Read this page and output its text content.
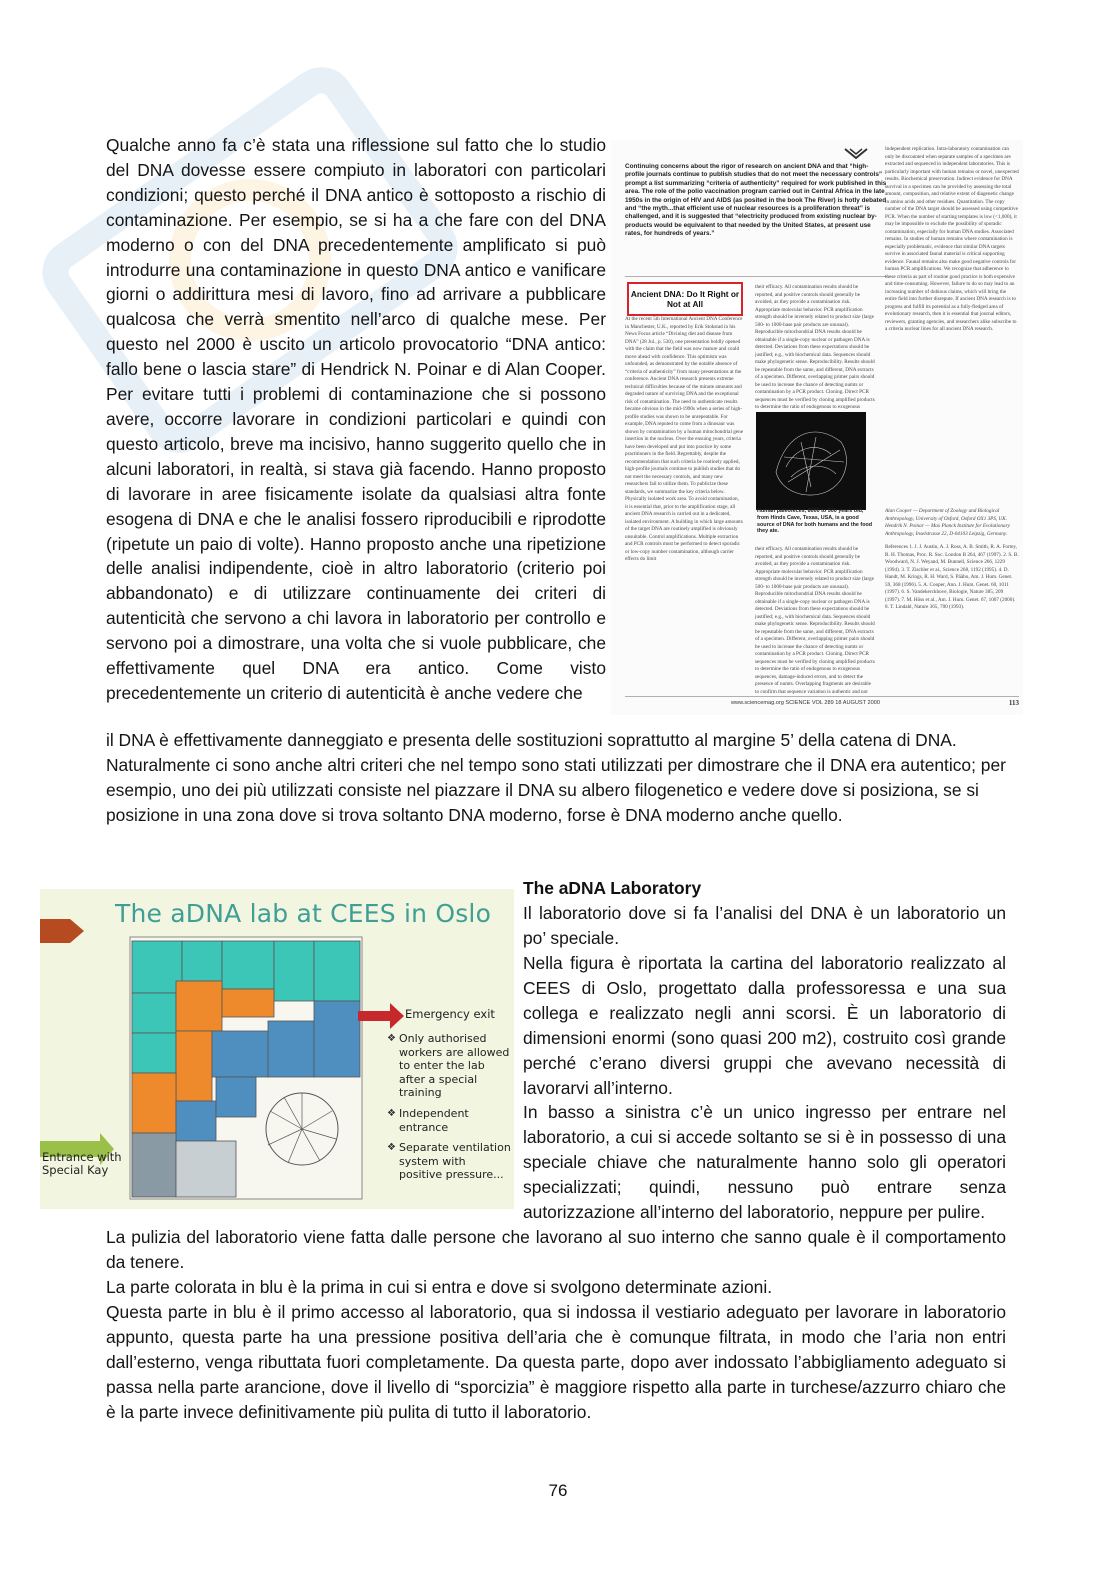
Qualche anno fa c’è stata una riflessione sul fatto che lo studio del DNA dovesse essere compiuto in laboratori con particolari condizioni; questo perché il DNA antico è sottoposto a rischio di contaminazione. Per esempio, se si ha a che fare con del DNA moderno o con del DNA precedentemente amplificato si può introdurre una contaminazione in questo DNA antico e vanificare giorni o addirittura mesi di lavoro, fino ad arrivare a pubblicare qualcosa che verrà smentito nell’arco di qualche mese. Per questo nel 2000 è uscito un articolo provocatorio “DNA antico: fallo bene o lascia stare” di Hendrick N. Poinar e di Alan Cooper. Per evitare tutti i problemi di contaminazione che si possono avere, occorre lavorare in condizioni particolari e quindi con questo articolo, breve ma incisivo, hanno suggerito quello che in alcuni laboratori, in realtà, si stava già facendo. Hanno proposto di lavorare in aree fisicamente isolate da qualsiasi altra fonte esogena di DNA e che le analisi fossero riproducibili e riprodotte (ripetute un paio di volte). Hanno proposto anche una ripetizione delle analisi indipendente, cioè in altro laboratorio (criterio poi abbandonato) e di utilizzare continuamente dei criteri di autenticità che servono a chi lavora in laboratorio per controllo e servono poi a dimostrare, una volta che si vuole pubblicare, che effettivamente quel DNA era antico. Come visto precedentemente un criterio di autenticità è anche vedere che

il DNA è effettivamente danneggiato e presenta delle sostituzioni soprattutto al margine 5’ della catena di DNA. Naturalmente ci sono anche altri criteri che nel tempo sono stati utilizzati per dimostrare che il DNA era autentico; per esempio, uno dei più utilizzati consiste nel piazzare il DNA su albero filogenetico e vedere dove si posiziona, se si posizione in una zona dove si trova soltanto DNA moderno, forse è DNA moderno anche quello.

Continuing concerns about the rigor of research on ancient DNA and that “high-profile journals continue to publish studies that do not meet the necessary controls” prompt a list summarizing “criteria of authenticity” required for work published in this area. The role of the polio vaccination program carried out in Central Africa in the late 1950s in the origin of HIV and AIDS (as posited in the book The River) is hotly debated and “the myth...that efficient use of nuclear resources is a proliferation threat” is challenged, and it is suggested that “electricity produced from existing nuclear by-products would be equivalent to that needed by the United States, at present use rates, for hundreds of years.”
Ancient DNA: Do It Right or Not at All
At the recent 5th International Ancient DNA Conference in Manchester, U.K., reported by Erik Stokstad in his News Focus article “Divining diet and disease from DNA” (28 Jul., p. 530), one presentation boldly opened with the claim that the field was now mature and could move ahead with confidence. This optimism was unfounded, as demonstrated by the notable absence of “criteria of authenticity” from many presentations at the conference. Ancient DNA research presents extreme technical difficulties because of the minute amounts and degraded nature of surviving DNA and the exceptional risk of contamination. The need to authenticate results became obvious in the mid-1990s when a series of high-profile studies was shown to be unrepeatable. For example, DNA reputed to come from a dinosaur was shown by contamination by a human mitochondrial gene insertion in the nucleus. Over the ensuing years, criteria have been developed and put into practice by some practitioners in the field. Regrettably, despite the recommendation that such criteria be routinely applied, high-profile journals continue to publish studies that do not meet the necessary controls, and many new researchers fail to utilize them. To publicize these standards, we summarize the key criteria below. Physically isolated work area. To avoid contamination, it is essential that, prior to the amplification stage, all ancient DNA research is carried out in a dedicated, isolated environment. A building in which large amounts of the target DNA are routinely amplified is obviously unsuitable. Control amplifications. Multiple extraction and PCR controls must be performed to detect sporadic or low-copy number contamination, although carrier effects do limit
their efficacy. All contamination results should be reported, and positive controls should generally be avoided, as they provide a contamination risk. Appropriate molecular behavior. PCR amplification strength should be inversely related to product size (large 500- to 1000-base pair products are unusual). Reproducible mitochondrial DNA results should be obtainable if a single-copy nuclear or pathogen DNA is detected. Deviations from these expectations should be justified; e.g., with biochemical data. Sequences should make phylogenetic sense. Reproducibility. Results should be repeatable from the same, and different, DNA extracts of a specimen. Different, overlapping primer pairs should be used to increase the chance of detecting numts or contamination by a PCR product. Cloning. Direct PCR sequences must be verified by cloning amplified products to determine the ratio of endogenous to exogenous
Human paleofeces, 8000 to 500 years old, from Hinds Cave, Texas, USA, is a good source of DNA for both humans and the food they ate.
their efficacy. All contamination results should be reported, and positive controls should generally be avoided, as they provide a contamination risk. Appropriate molecular behavior. PCR amplification strength should be inversely related to product size (large 500- to 1000-base pair products are unusual). Reproducible mitochondrial DNA results should be obtainable if a single-copy nuclear or pathogen DNA is detected. Deviations from these expectations should be justified; e.g., with biochemical data. Sequences should make phylogenetic sense. Reproducibility. Results should be repeatable from the same, and different, DNA extracts of a specimen. Different, overlapping primer pairs should be used to increase the chance of detecting numts or contamination by a PCR product. Cloning. Direct PCR sequences must be verified by cloning amplified products to determine the ratio of endogenous to exogenous sequences, damage-induced errors, and to detect the presence of numts. Overlapping fragments are desirable to confirm that sequence variation is authentic and not
Independent replication. Intra-laboratory contamination can only be discounted when separate samples of a specimen are extracted and sequenced in independent laboratories. This is particularly important with human remains or novel, unexpected results. Biochemical preservation. Indirect evidence for DNA survival in a specimen can be provided by assessing the total amount, composition, and relative extent of diagenetic change in amino acids and other residues. Quantitation. The copy number of the DNA target should be assessed using competitive PCR. When the number of starting templates is low (<1,000), it may be impossible to exclude the possibility of sporadic contamination, especially for human DNA studies. Associated remains. In studies of human remains where contamination is especially problematic, evidence that similar DNA targets survive in associated faunal material is critical supporting evidence. Faunal remains also make good negative controls for human PCR amplifications. We recognize that adherence to these criteria as part of routine good practice is both expensive and time-consuming. However, failure to do so may lead to an increasing number of dubious claims, which will bring the entire field into further disrepute. If ancient DNA research is to progress and fulfill its potential as a fully-fledged area of evolutionary research, then it is essential that journal editors, reviewers, granting agencies, and researchers alike subscribe to a criteria nuclear lines for all ancient DNA research.
Alan Cooper — Department of Zoology and Biological Anthropology, University of Oxford, Oxford OX1 3PS, UK. Hendrik N. Poinar — Max Planck Institute for Evolutionary Anthropology, Inselstrasse 22, D-04103 Leipzig, Germany.
References 1. J. J. Austin, A. J. Ross, A. B. Smith, R. A. Fortey, R. H. Thomas, Proc. R. Soc. London B 264, 467 (1997). 2. S. B. Woodward, N. J. Weyand, M. Bunnell, Science 266, 1229 (1994). 3. T. Zischler et al., Science 268, 1192 (1995). 4. D. Handt, M. Krings, R. H. Ward, S. Pääbo, Am. J. Hum. Genet. 59, 368 (1996). 5. A. Cooper, Ann. J. Hum. Genet. 60, 1011 (1997). 6. S. Vandekerckhove, Biologie, Nature 385, 209 (1997). 7. M. Höss et al., Am. J. Hum. Genet. 67, 1007 (2000). 8. T. Lindahl, Nature 365, 700 (1993).
www.sciencemag.org SCIENCE VOL 289 18 AUGUST 2000	113
The aDNA lab at CEES in Oslo
Emergency exit
❖ Only authorised workers are allowed to enter the lab after a special training
❖ Independent entrance
❖ Separate ventilation system with positive pressure...
Entrance with Special Kay

The aDNA Laboratory

Il laboratorio dove si fa l’analisi del DNA è un laboratorio un po’ speciale.

Nella figura è riportata la cartina del laboratorio realizzato al CEES di Oslo, progettato dalla professoressa e una sua collega e realizzato negli anni scorsi. È un laboratorio di dimensioni enormi (sono quasi 200 m2), costruito così grande perché c’erano diversi gruppi che avevano necessità di lavorarvi all’interno.

In basso a sinistra c’è un unico ingresso per entrare nel laboratorio, a cui si accede soltanto se si è in possesso di una speciale chiave che naturalmente hanno solo gli operatori specializzati; quindi, nessuno può entrare senza autorizzazione all’interno del laboratorio, neppure per pulire.

La pulizia del laboratorio viene fatta dalle persone che lavorano al suo interno che sanno quale è il comportamento da tenere.

La parte colorata in blu è la prima in cui si entra e dove si svolgono determinate azioni.

Questa parte in blu è il primo accesso al laboratorio, qua si indossa il vestiario adeguato per lavorare in laboratorio appunto, questa parte ha una pressione positiva dell’aria che è comunque filtrata, in modo che l’aria non entri dall’esterno, venga ributtata fuori completamente. Da questa parte, dopo aver indossato l’abbigliamento adeguato si passa nella parte arancione, dove il livello di “sporcizia” è maggiore rispetto alla parte in turchese/azzurro chiaro che è la parte invece definitivamente più pulita di tutto il laboratorio.

76
